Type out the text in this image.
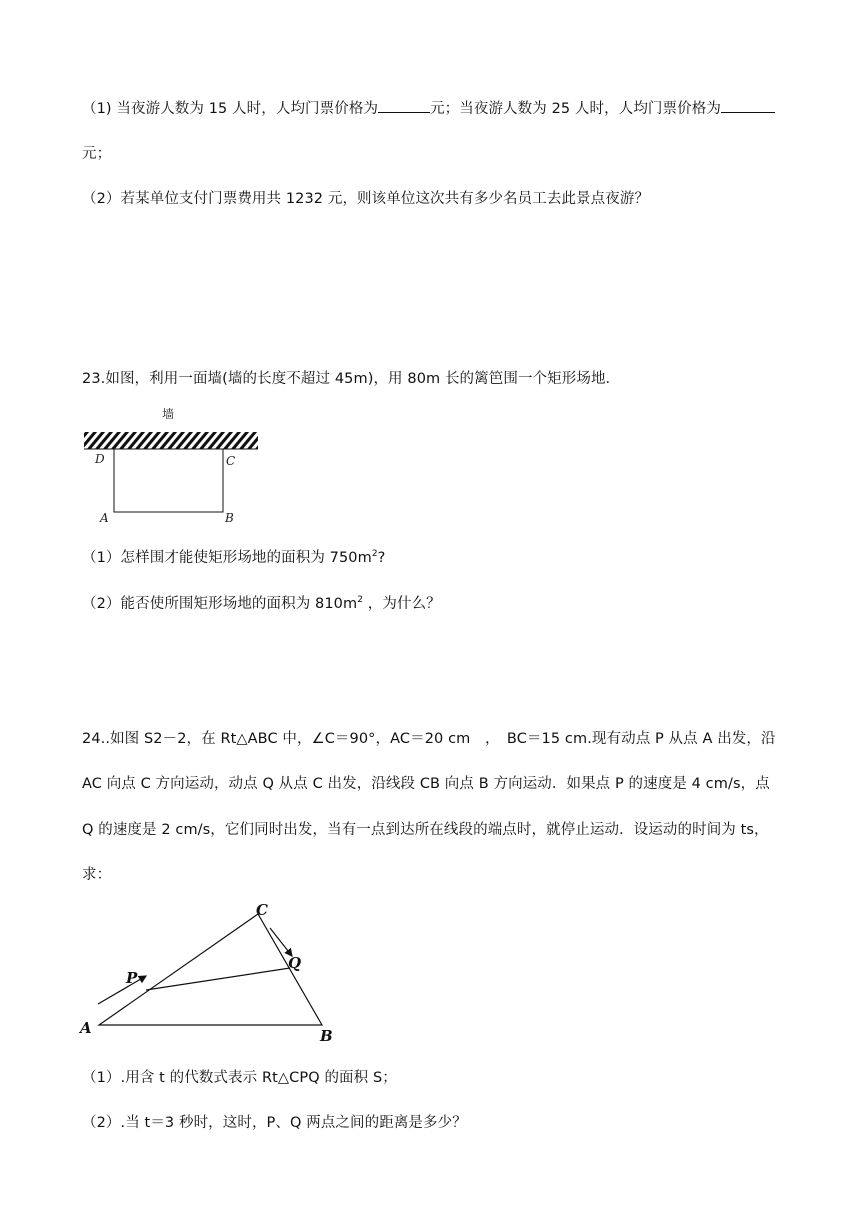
（1) 当夜游人数为 15 人时，人均门票价格为	元；当夜游人数为 25 人时，人均门票价格为
元；
（2）若某单位支付门票费用共 1232 元，则该单位这次共有多少名员工去此景点夜游？
23.如图，利用一面墙(墙的长度不超过 45m)，用 80m 长的篱笆围一个矩形场地．
墙
D	C
A	B
（1）怎样围才能使矩形场地的面积为 $750m^2$?
（2）能否使所围矩形场地的面积为 $810m^2$ ，为什么？
24..如图 S2－2，在 Rt△ABC 中，∠C＝90°，AC＝20 cm　，　BC＝15 cm.现有动点 P 从点 A 出发，沿
AC 向点 C 方向运动，动点 Q 从点 C 出发，沿线段 CB 向点 B 方向运动．如果点 P 的速度是 4 cm/s，点
Q 的速度是 2 cm/s，它们同时出发，当有一点到达所在线段的端点时，就停止运动．设运动的时间为 ts，
求：
C
Q
P
A	B
（1）.用含 t 的代数式表示 Rt△CPQ 的面积 S；
（2）.当 t＝3 秒时，这时，P、Q 两点之间的距离是多少？
